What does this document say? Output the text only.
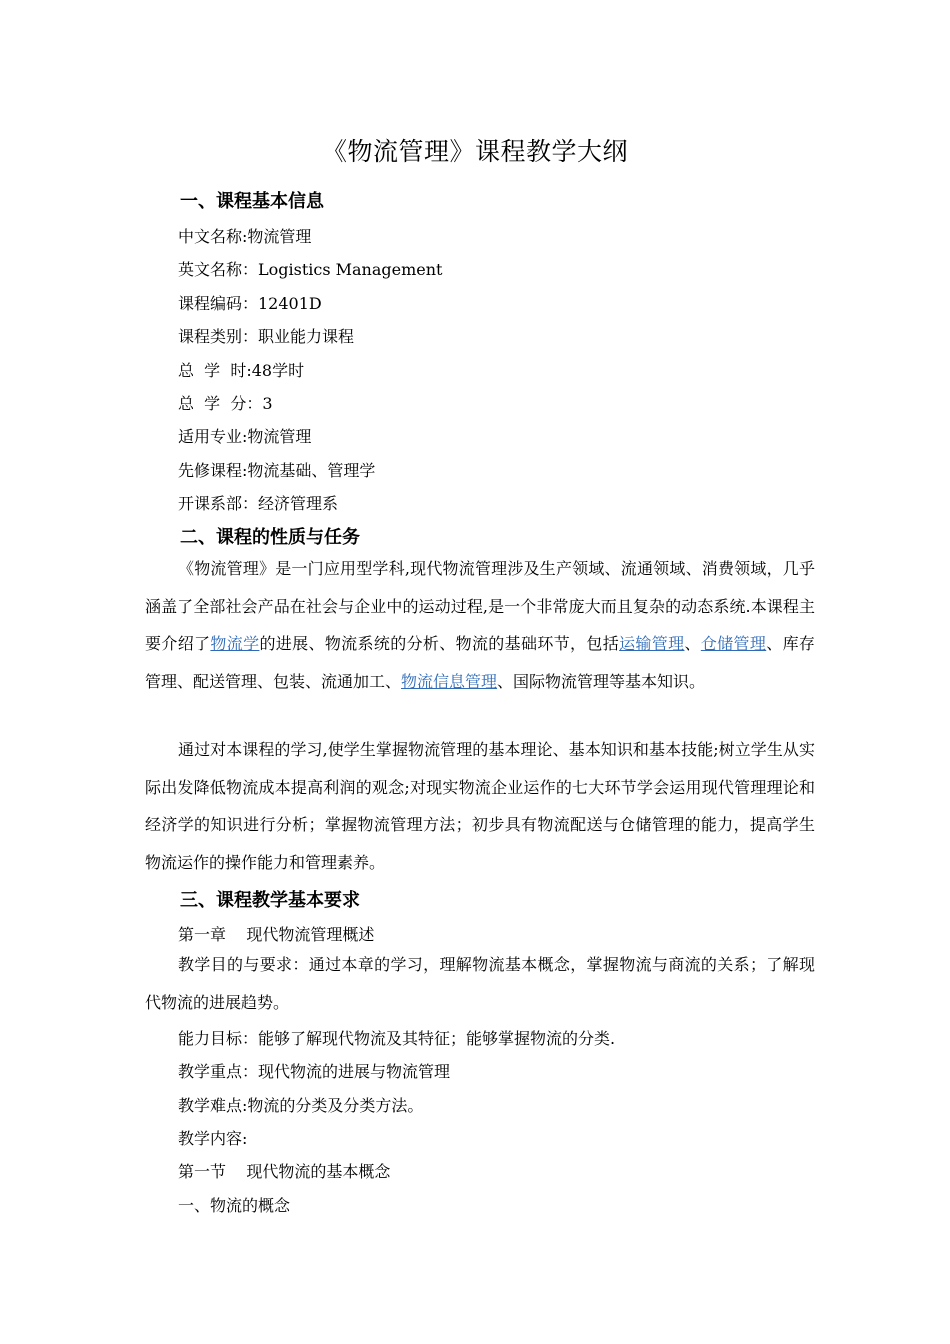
《物流管理》课程教学大纲
一、课程基本信息
中文名称:物流管理
英文名称：Logistics Management
课程编码：12401D
课程类别：职业能力课程
总  学  时:48学时
总  学  分：3
适用专业:物流管理
先修课程:物流基础、管理学
开课系部：经济管理系
二、课程的性质与任务
《物流管理》是一门应用型学科,现代物流管理涉及生产领域、流通领域、消费领域，几乎涵盖了全部社会产品在社会与企业中的运动过程,是一个非常庞大而且复杂的动态系统.本课程主要介绍了物流学的进展、物流系统的分析、物流的基础环节，包括运输管理、仓储管理、库存管理、配送管理、包装、流通加工、物流信息管理、国际物流管理等基本知识。
通过对本课程的学习,使学生掌握物流管理的基本理论、基本知识和基本技能;树立学生从实际出发降低物流成本提高利润的观念;对现实物流企业运作的七大环节学会运用现代管理理论和经济学的知识进行分析；掌握物流管理方法；初步具有物流配送与仓储管理的能力，提高学生物流运作的操作能力和管理素养。
三、课程教学基本要求
第一章    现代物流管理概述
教学目的与要求：通过本章的学习，理解物流基本概念，掌握物流与商流的关系；了解现代物流的进展趋势。
能力目标：能够了解现代物流及其特征；能够掌握物流的分类.
教学重点：现代物流的进展与物流管理
教学难点:物流的分类及分类方法。
教学内容:
第一节    现代物流的基本概念
一、物流的概念
